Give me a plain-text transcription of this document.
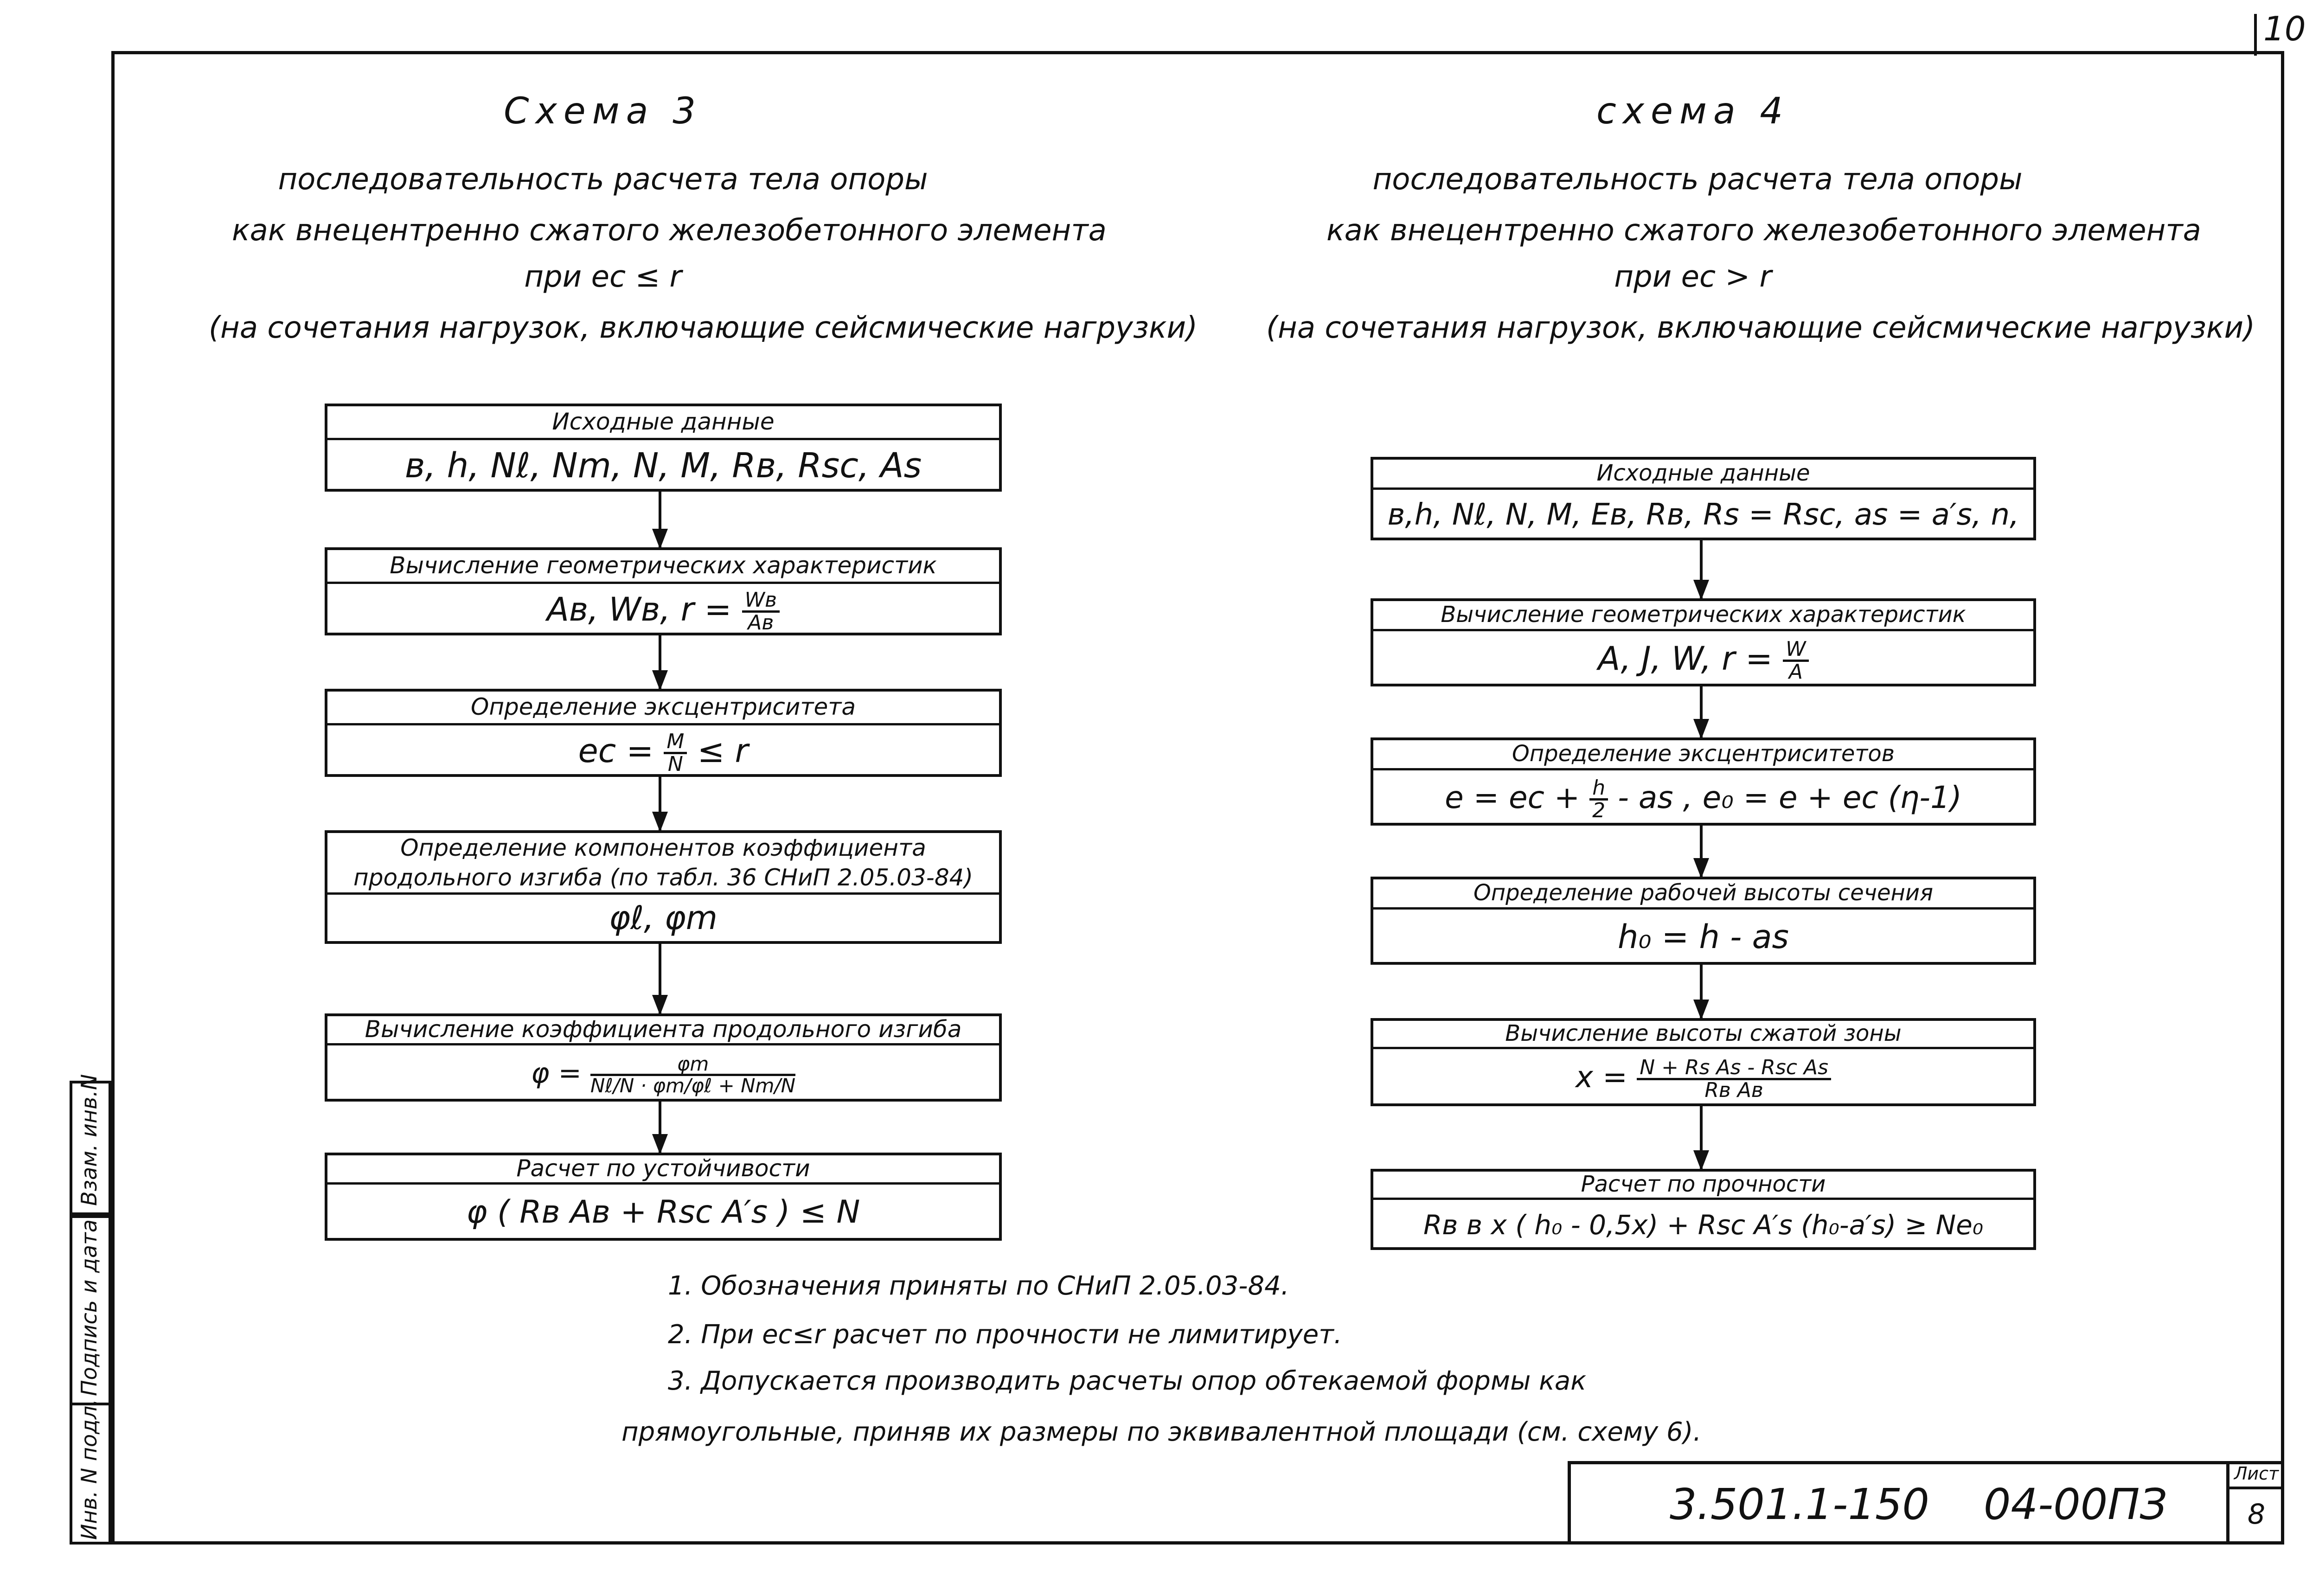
10
Взам. инв.N
Подпись и дата
Инв. N подл.
Схема 3
последовательность расчета тела опоры
как внецентренно сжатого железобетонного элемента
при eс ≤ r
(на сочетания нагрузок, включающие сейсмические нагрузки)
Исходные данные
в, h, Nℓ, Nm, N, M, Rв, Rsc, As
Вычисление геометрических характеристик
Aв, Wв, $r = \frac{Wв}{Aв}$
Определение эксцентриситета
eс = $\frac{M}{N} \le r$
Определение компонентов коэффициента
продольного изгиба (по табл. 36 СНиП 2.05.03-84)
φℓ, φm
Вычисление коэффициента продольного изгиба
$\varphi = \frac{\varphi m}{\text{Nℓ/N · φm/φℓ + Nm/N}}$
Расчет по устойчивости
φ ( Rв Aв + Rsc A′s ) ≤ N
схема 4
последовательность расчета тела опоры
как внецентренно сжатого железобетонного элемента
при eс > r
(на сочетания нагрузок, включающие сейсмические нагрузки)
Исходные данные
в,h, Nℓ, N, M, Eв, Rв, Rs = Rsc, as = a′s, n,
Вычисление геометрических характеристик
A, J, W, $r = \frac{W}{A}$
Определение эксцентриситетов
e = eс + $\frac{h}{2}$ - as , e₀ = e + eс (η-1)
Определение рабочей высоты сечения
h₀ = h - as
Вычисление высоты сжатой зоны
$x = \frac{\text{N + Rs As - Rsc As}}{\text{Rв Aв}}$
Расчет по прочности
Rв в x ( h₀ - 0,5x) + Rsc A′s (h₀-a′s) ≥ Ne₀
1. Обозначения приняты по СНиП 2.05.03-84.
2. При eс≤r расчет по прочности не лимитирует.
3. Допускается производить расчеты опор обтекаемой формы как
прямоугольные, приняв их размеры по эквивалентной площади (см. схему 6).
3.501.1-150    04-00ПЗ
Лист
8
